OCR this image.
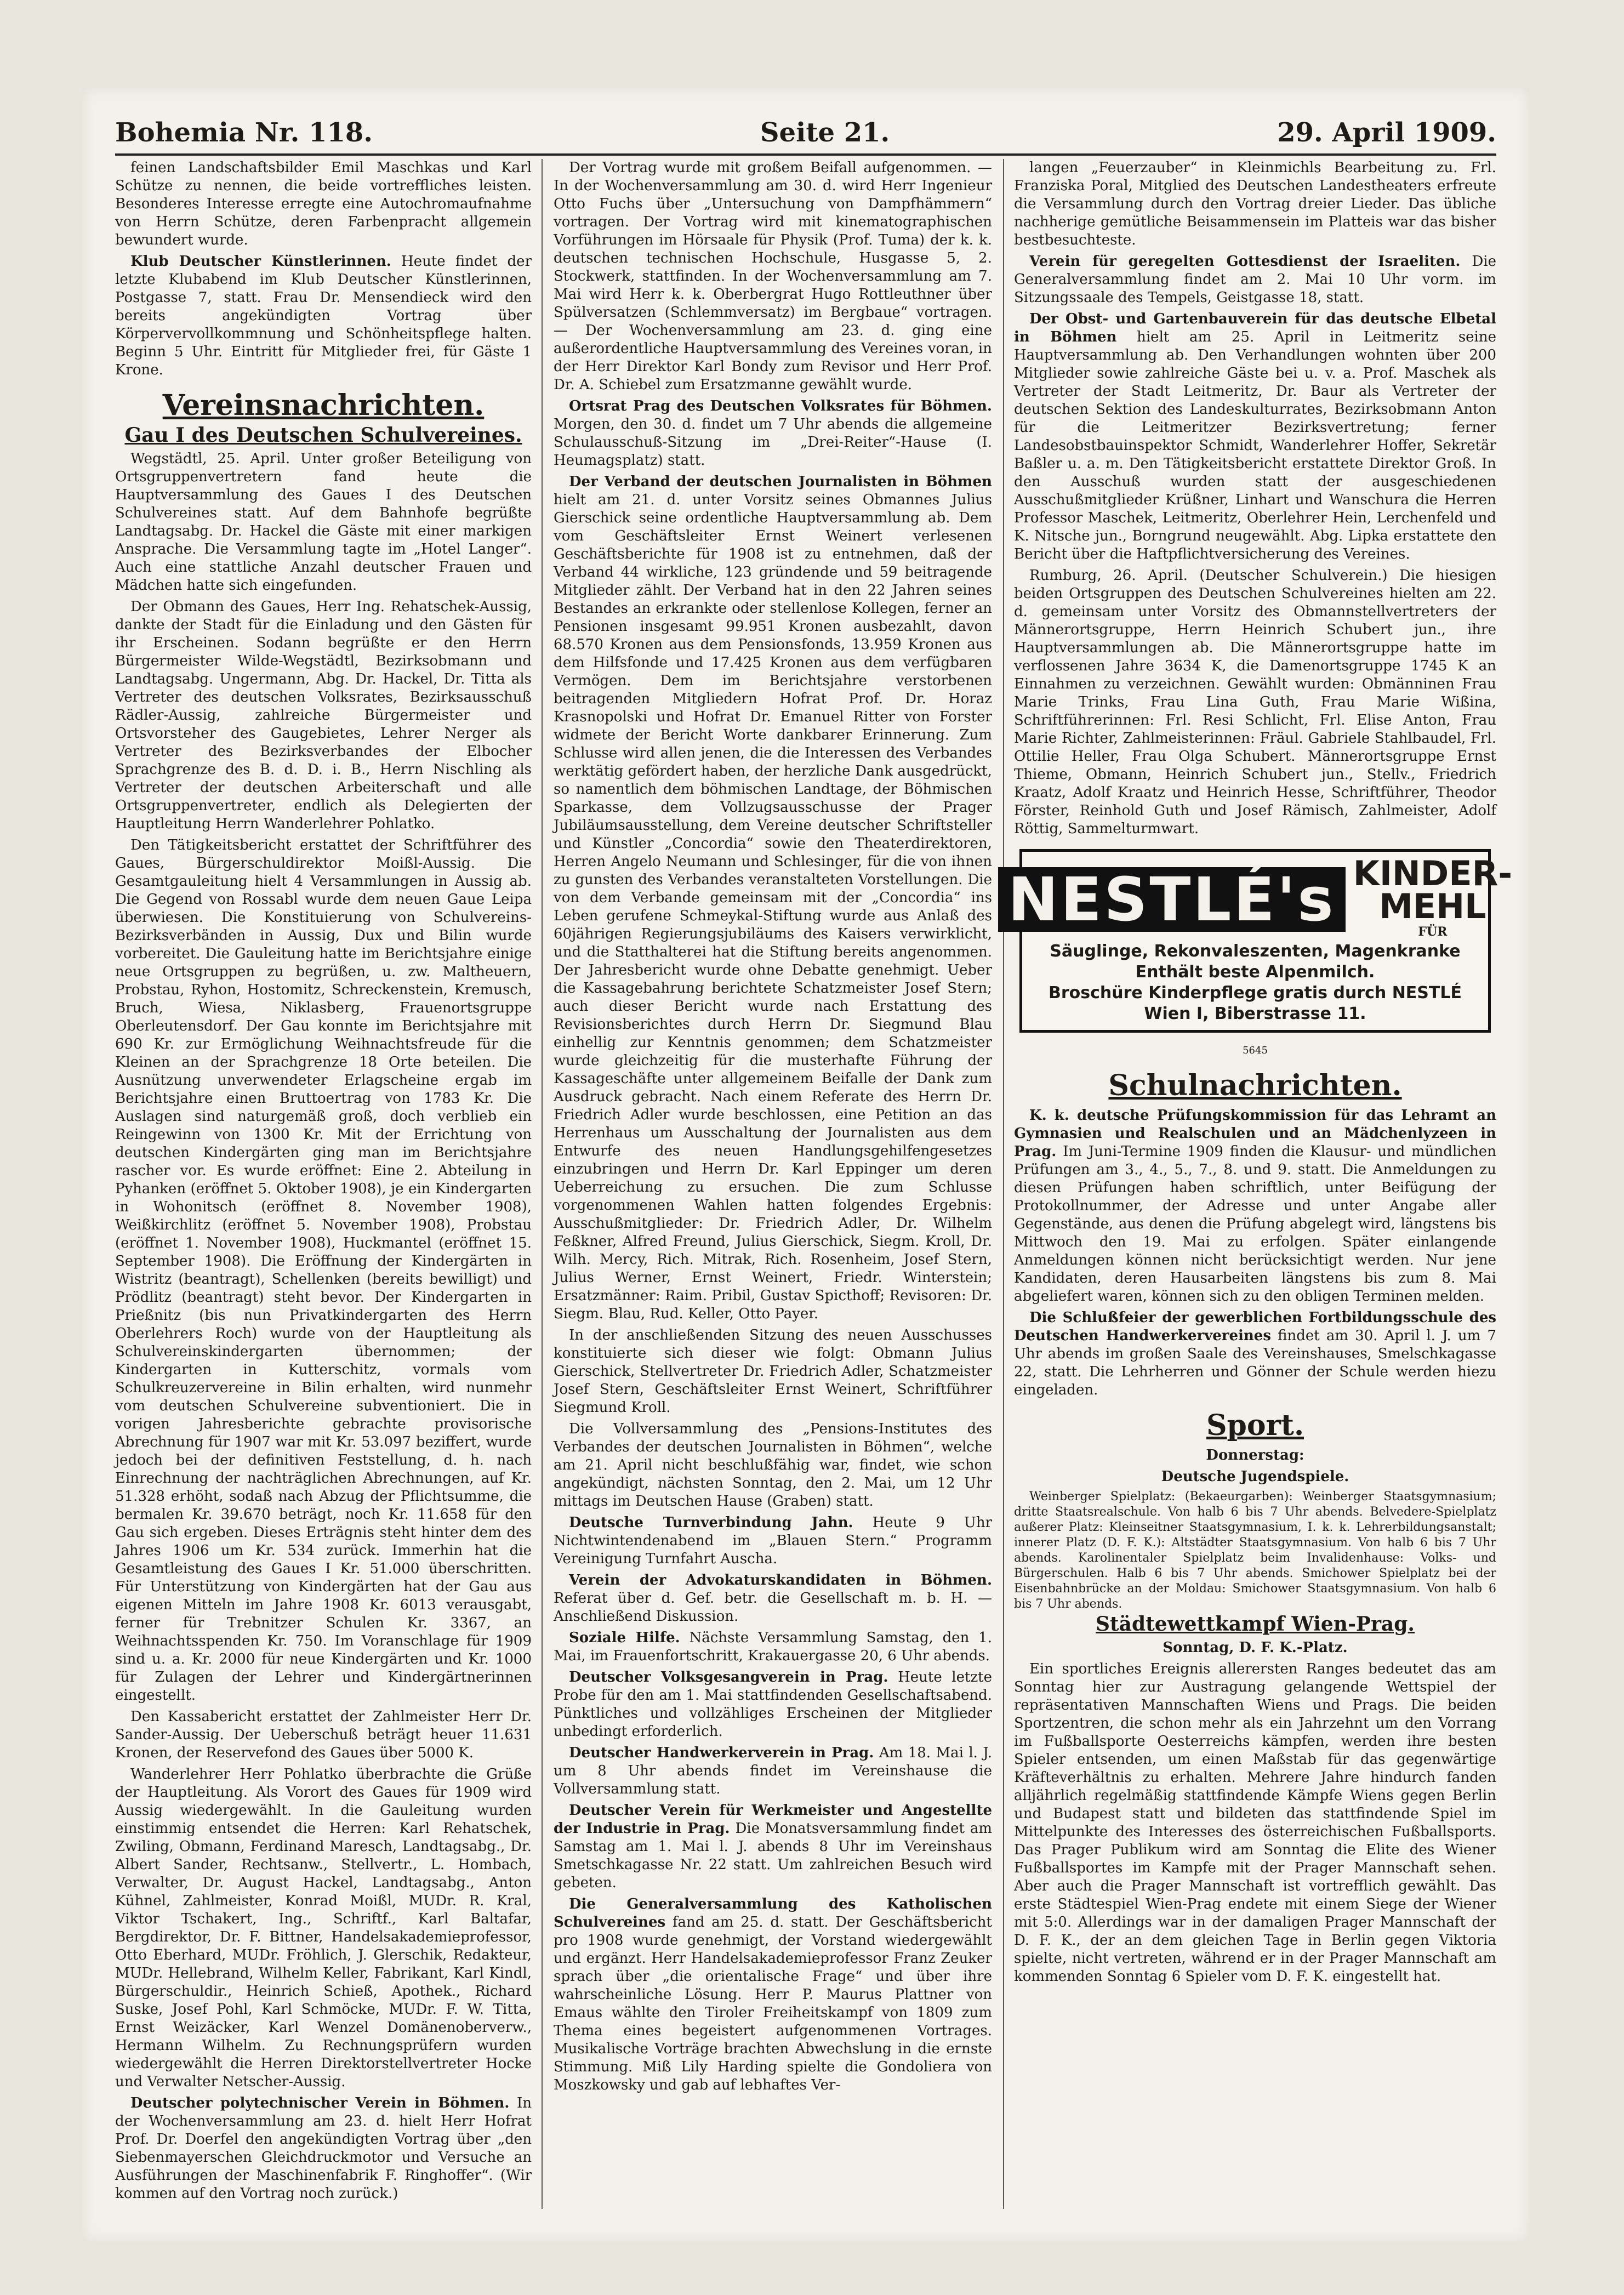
Bohemia Nr. 118.	Seite 21.	29. April 1909.

feinen Landschaftsbilder Emil Maschkas und Karl Schütze zu nennen, die beide vortreffliches leisten. Besonderes Interesse erregte eine Autochromaufnahme von Herrn Schütze, deren Farbenpracht allgemein bewundert wurde.

Klub Deutscher Künstlerinnen. Heute findet der letzte Klubabend im Klub Deutscher Künstlerinnen, Postgasse 7, statt. Frau Dr. Mensendieck wird den bereits angekündigten Vortrag über Körpervervollkommnung und Schönheitspflege halten. Beginn 5 Uhr. Eintritt für Mitglieder frei, für Gäste 1 Krone.

Vereinsnachrichten.
Gau I des Deutschen Schulvereines.

Wegstädtl, 25. April. Unter großer Beteiligung von Ortsgruppenvertretern fand heute die Hauptversammlung des Gaues I des Deutschen Schulvereines statt. Auf dem Bahnhofe begrüßte Landtagsabg. Dr. Hackel die Gäste mit einer markigen Ansprache. Die Versammlung tagte im „Hotel Langer“. Auch eine stattliche Anzahl deutscher Frauen und Mädchen hatte sich eingefunden.

Der Obmann des Gaues, Herr Ing. Rehatschek-Aussig, dankte der Stadt für die Einladung und den Gästen für ihr Erscheinen. Sodann begrüßte er den Herrn Bürgermeister Wilde-Wegstädtl, Bezirksobmann und Landtagsabg. Ungermann, Abg. Dr. Hackel, Dr. Titta als Vertreter des deutschen Volksrates, Bezirksausschuß Rädler-Aussig, zahlreiche Bürgermeister und Ortsvorsteher des Gaugebietes, Lehrer Nerger als Vertreter des Bezirksverbandes der Elbocher Sprachgrenze des B. d. D. i. B., Herrn Nischling als Vertreter der deutschen Arbeiterschaft und alle Ortsgruppenvertreter, endlich als Delegierten der Hauptleitung Herrn Wanderlehrer Pohlatko.

Den Tätigkeitsbericht erstattet der Schriftführer des Gaues, Bürgerschuldirektor Moißl-Aussig. Die Gesamtgauleitung hielt 4 Versammlungen in Aussig ab. Die Gegend von Rossabl wurde dem neuen Gaue Leipa überwiesen. Die Konstituierung von Schulvereins-Bezirksverbänden in Aussig, Dux und Bilin wurde vorbereitet. Die Gauleitung hatte im Berichtsjahre einige neue Ortsgruppen zu begrüßen, u. zw. Maltheuern, Probstau, Ryhon, Hostomitz, Schreckenstein, Kremusch, Bruch, Wiesa, Niklasberg, Frauenortsgruppe Oberleutensdorf. Der Gau konnte im Berichtsjahre mit 690 Kr. zur Ermöglichung Weihnachtsfreude für die Kleinen an der Sprachgrenze 18 Orte beteilen. Die Ausnützung unverwendeter Erlagscheine ergab im Berichtsjahre einen Bruttoertrag von 1783 Kr. Die Auslagen sind naturgemäß groß, doch verblieb ein Reingewinn von 1300 Kr. Mit der Errichtung von deutschen Kindergärten ging man im Berichtsjahre rascher vor. Es wurde eröffnet: Eine 2. Abteilung in Pyhanken (eröffnet 5. Oktober 1908), je ein Kindergarten in Wohonitsch (eröffnet 8. November 1908), Weißkirchlitz (eröffnet 5. November 1908), Probstau (eröffnet 1. November 1908), Huckmantel (eröffnet 15. September 1908). Die Eröffnung der Kindergärten in Wistritz (beantragt), Schellenken (bereits bewilligt) und Prödlitz (beantragt) steht bevor. Der Kindergarten in Prießnitz (bis nun Privatkindergarten des Herrn Oberlehrers Roch) wurde von der Hauptleitung als Schulvereinskindergarten übernommen; der Kindergarten in Kutterschitz, vormals vom Schulkreuzervereine in Bilin erhalten, wird nunmehr vom deutschen Schulvereine subventioniert. Die in vorigen Jahresberichte gebrachte provisorische Abrechnung für 1907 war mit Kr. 53.097 beziffert, wurde jedoch bei der definitiven Feststellung, d. h. nach Einrechnung der nachträglichen Abrechnungen, auf Kr. 51.328 erhöht, sodaß nach Abzug der Pflichtsumme, die bermalen Kr. 39.670 beträgt, noch Kr. 11.658 für den Gau sich ergeben. Dieses Erträgnis steht hinter dem des Jahres 1906 um Kr. 534 zurück. Immerhin hat die Gesamtleistung des Gaues I Kr. 51.000 überschritten. Für Unterstützung von Kindergärten hat der Gau aus eigenen Mitteln im Jahre 1908 Kr. 6013 verausgabt, ferner für Trebnitzer Schulen Kr. 3367, an Weihnachtsspenden Kr. 750. Im Voranschlage für 1909 sind u. a. Kr. 2000 für neue Kindergärten und Kr. 1000 für Zulagen der Lehrer und Kindergärtnerinnen eingestellt.

Den Kassabericht erstattet der Zahlmeister Herr Dr. Sander-Aussig. Der Ueberschuß beträgt heuer 11.631 Kronen, der Reservefond des Gaues über 5000 K.

Wanderlehrer Herr Pohlatko überbrachte die Grüße der Hauptleitung. Als Vorort des Gaues für 1909 wird Aussig wiedergewählt. In die Gauleitung wurden einstimmig entsendet die Herren: Karl Rehatschek, Zwiling, Obmann, Ferdinand Maresch, Landtagsabg., Dr. Albert Sander, Rechtsanw., Stellvertr., L. Hombach, Verwalter, Dr. August Hackel, Landtagsabg., Anton Kühnel, Zahlmeister, Konrad Moißl, MUDr. R. Kral, Viktor Tschakert, Ing., Schriftf., Karl Baltafar, Bergdirektor, Dr. F. Bittner, Handelsakademieprofessor, Otto Eberhard, MUDr. Fröhlich, J. Glerschik, Redakteur, MUDr. Hellebrand, Wilhelm Keller, Fabrikant, Karl Kindl, Bürgerschuldir., Heinrich Schieß, Apothek., Richard Suske, Josef Pohl, Karl Schmöcke, MUDr. F. W. Titta, Ernst Weizäcker, Karl Wenzel Domänenoberverw., Hermann Wilhelm. Zu Rechnungsprüfern wurden wiedergewählt die Herren Direktorstellvertreter Hocke und Verwalter Netscher-Aussig.

Deutscher polytechnischer Verein in Böhmen. In der Wochenversammlung am 23. d. hielt Herr Hofrat Prof. Dr. Doerfel den angekündigten Vortrag über „den Siebenmayerschen Gleichdruckmotor und Versuche an Ausführungen der Maschinenfabrik F. Ringhoffer“. (Wir kommen auf den Vortrag noch zurück.)

Der Vortrag wurde mit großem Beifall aufgenommen. — In der Wochenversammlung am 30. d. wird Herr Ingenieur Otto Fuchs über „Untersuchung von Dampfhämmern“ vortragen. Der Vortrag wird mit kinematographischen Vorführungen im Hörsaale für Physik (Prof. Tuma) der k. k. deutschen technischen Hochschule, Husgasse 5, 2. Stockwerk, stattfinden. In der Wochenversammlung am 7. Mai wird Herr k. k. Oberbergrat Hugo Rottleuthner über Spülversatzen (Schlemmversatz) im Bergbaue“ vortragen. — Der Wochenversammlung am 23. d. ging eine außerordentliche Hauptversammlung des Vereines voran, in der Herr Direktor Karl Bondy zum Revisor und Herr Prof. Dr. A. Schiebel zum Ersatzmanne gewählt wurde.

Ortsrat Prag des Deutschen Volksrates für Böhmen. Morgen, den 30. d. findet um 7 Uhr abends die allgemeine Schulausschuß-Sitzung im „Drei-Reiter“-Hause (I. Heumagsplatz) statt.

Der Verband der deutschen Journalisten in Böhmen hielt am 21. d. unter Vorsitz seines Obmannes Julius Gierschick seine ordentliche Hauptversammlung ab. Dem vom Geschäftsleiter Ernst Weinert verlesenen Geschäftsberichte für 1908 ist zu entnehmen, daß der Verband 44 wirkliche, 123 gründende und 59 beitragende Mitglieder zählt. Der Verband hat in den 22 Jahren seines Bestandes an erkrankte oder stellenlose Kollegen, ferner an Pensionen insgesamt 99.951 Kronen ausbezahlt, davon 68.570 Kronen aus dem Pensionsfonds, 13.959 Kronen aus dem Hilfsfonde und 17.425 Kronen aus dem verfügbaren Vermögen. Dem im Berichtsjahre verstorbenen beitragenden Mitgliedern Hofrat Prof. Dr. Horaz Krasnopolski und Hofrat Dr. Emanuel Ritter von Forster widmete der Bericht Worte dankbarer Erinnerung. Zum Schlusse wird allen jenen, die die Interessen des Verbandes werktätig gefördert haben, der herzliche Dank ausgedrückt, so namentlich dem böhmischen Landtage, der Böhmischen Sparkasse, dem Vollzugsausschusse der Prager Jubiläumsausstellung, dem Vereine deutscher Schriftsteller und Künstler „Concordia“ sowie den Theaterdirektoren, Herren Angelo Neumann und Schlesinger, für die von ihnen zu gunsten des Verbandes veranstalteten Vorstellungen. Die von dem Verbande gemeinsam mit der „Concordia“ ins Leben gerufene Schmeykal-Stiftung wurde aus Anlaß des 60jährigen Regierungsjubiläums des Kaisers verwirklicht, und die Statthalterei hat die Stiftung bereits angenommen. Der Jahresbericht wurde ohne Debatte genehmigt. Ueber die Kassagebahrung berichtete Schatzmeister Josef Stern; auch dieser Bericht wurde nach Erstattung des Revisionsberichtes durch Herrn Dr. Siegmund Blau einhellig zur Kenntnis genommen; dem Schatzmeister wurde gleichzeitig für die musterhafte Führung der Kassageschäfte unter allgemeinem Beifalle der Dank zum Ausdruck gebracht. Nach einem Referate des Herrn Dr. Friedrich Adler wurde beschlossen, eine Petition an das Herrenhaus um Ausschaltung der Journalisten aus dem Entwurfe des neuen Handlungsgehilfengesetzes einzubringen und Herrn Dr. Karl Eppinger um deren Ueberreichung zu ersuchen. Die zum Schlusse vorgenommenen Wahlen hatten folgendes Ergebnis: Ausschußmitglieder: Dr. Friedrich Adler, Dr. Wilhelm Feßkner, Alfred Freund, Julius Gierschick, Siegm. Kroll, Dr. Wilh. Mercy, Rich. Mitrak, Rich. Rosenheim, Josef Stern, Julius Werner, Ernst Weinert, Friedr. Winterstein; Ersatzmänner: Raim. Pribil, Gustav Spicthoff; Revisoren: Dr. Siegm. Blau, Rud. Keller, Otto Payer.

In der anschließenden Sitzung des neuen Ausschusses konstituierte sich dieser wie folgt: Obmann Julius Gierschick, Stellvertreter Dr. Friedrich Adler, Schatzmeister Josef Stern, Geschäftsleiter Ernst Weinert, Schriftführer Siegmund Kroll.

Die Vollversammlung des „Pensions-Institutes des Verbandes der deutschen Journalisten in Böhmen“, welche am 21. April nicht beschlußfähig war, findet, wie schon angekündigt, nächsten Sonntag, den 2. Mai, um 12 Uhr mittags im Deutschen Hause (Graben) statt.

Deutsche Turnverbindung Jahn. Heute 9 Uhr Nichtwintendenabend im „Blauen Stern.“ Programm Vereinigung Turnfahrt Auscha.

Verein der Advokaturskandidaten in Böhmen. Referat über d. Gef. betr. die Gesellschaft m. b. H. — Anschließend Diskussion.

Soziale Hilfe. Nächste Versammlung Samstag, den 1. Mai, im Frauenfortschritt, Krakauergasse 20, 6 Uhr abends.

Deutscher Volksgesangverein in Prag. Heute letzte Probe für den am 1. Mai stattfindenden Gesellschaftsabend. Pünktliches und vollzähliges Erscheinen der Mitglieder unbedingt erforderlich.

Deutscher Handwerkerverein in Prag. Am 18. Mai l. J. um 8 Uhr abends findet im Vereinshause die Vollversammlung statt.

Deutscher Verein für Werkmeister und Angestellte der Industrie in Prag. Die Monatsversammlung findet am Samstag am 1. Mai l. J. abends 8 Uhr im Vereinshaus Smetschkagasse Nr. 22 statt. Um zahlreichen Besuch wird gebeten.

Die Generalversammlung des Katholischen Schulvereines fand am 25. d. statt. Der Geschäftsbericht pro 1908 wurde genehmigt, der Vorstand wiedergewählt und ergänzt. Herr Handelsakademieprofessor Franz Zeuker sprach über „die orientalische Frage“ und über ihre wahrscheinliche Lösung. Herr P. Maurus Plattner von Emaus wählte den Tiroler Freiheitskampf von 1809 zum Thema eines begeistert aufgenommenen Vortrages. Musikalische Vorträge brachten Abwechslung in die ernste Stimmung. Miß Lily Harding spielte die Gondoliera von Moszkowsky und gab auf lebhaftes Ver-

langen „Feuerzauber“ in Kleinmichls Bearbeitung zu. Frl. Franziska Poral, Mitglied des Deutschen Landestheaters erfreute die Versammlung durch den Vortrag dreier Lieder. Das übliche nachherige gemütliche Beisammensein im Platteis war das bisher bestbesuchteste.

Verein für geregelten Gottesdienst der Israeliten. Die Generalversammlung findet am 2. Mai 10 Uhr vorm. im Sitzungssaale des Tempels, Geistgasse 18, statt.

Der Obst- und Gartenbauverein für das deutsche Elbetal in Böhmen hielt am 25. April in Leitmeritz seine Hauptversammlung ab. Den Verhandlungen wohnten über 200 Mitglieder sowie zahlreiche Gäste bei u. v. a. Prof. Maschek als Vertreter der Stadt Leitmeritz, Dr. Baur als Vertreter der deutschen Sektion des Landeskulturrates, Bezirksobmann Anton für die Leitmeritzer Bezirksvertretung; ferner Landesobstbauinspektor Schmidt, Wanderlehrer Hoffer, Sekretär Baßler u. a. m. Den Tätigkeitsbericht erstattete Direktor Groß. In den Ausschuß wurden statt der ausgeschiedenen Ausschußmitglieder Krüßner, Linhart und Wanschura die Herren Professor Maschek, Leitmeritz, Oberlehrer Hein, Lerchenfeld und K. Nitsche jun., Borngrund neugewählt. Abg. Lipka erstattete den Bericht über die Haftpflichtversicherung des Vereines.

Rumburg, 26. April. (Deutscher Schulverein.) Die hiesigen beiden Ortsgruppen des Deutschen Schulvereines hielten am 22. d. gemeinsam unter Vorsitz des Obmannstellvertreters der Männerortsgruppe, Herrn Heinrich Schubert jun., ihre Hauptversammlungen ab. Die Männerortsgruppe hatte im verflossenen Jahre 3634 K, die Damenortsgruppe 1745 K an Einnahmen zu verzeichnen. Gewählt wurden: Obmänninen Frau Marie Trinks, Frau Lina Guth, Frau Marie Wißina, Schriftführerinnen: Frl. Resi Schlicht, Frl. Elise Anton, Frau Marie Richter, Zahlmeisterinnen: Fräul. Gabriele Stahlbaudel, Frl. Ottilie Heller, Frau Olga Schubert. Männerortsgruppe Ernst Thieme, Obmann, Heinrich Schubert jun., Stellv., Friedrich Kraatz, Adolf Kraatz und Heinrich Hesse, Schriftführer, Theodor Förster, Reinhold Guth und Josef Rämisch, Zahlmeister, Adolf Röttig, Sammelturmwart.

NESTLÉ's KINDER-
MEHL
FÜR
Säuglinge, Rekonvaleszenten, Magenkranke
Enthält beste Alpenmilch.
Broschüre Kinderpflege gratis durch NESTLÉ
Wien I, Biberstrasse 11.
5645
Schulnachrichten.

K. k. deutsche Prüfungskommission für das Lehramt an Gymnasien und Realschulen und an Mädchenlyzeen in Prag. Im Juni-Termine 1909 finden die Klausur- und mündlichen Prüfungen am 3., 4., 5., 7., 8. und 9. statt. Die Anmeldungen zu diesen Prüfungen haben schriftlich, unter Beifügung der Protokollnummer, der Adresse und unter Angabe aller Gegenstände, aus denen die Prüfung abgelegt wird, längstens bis Mittwoch den 19. Mai zu erfolgen. Später einlangende Anmeldungen können nicht berücksichtigt werden. Nur jene Kandidaten, deren Hausarbeiten längstens bis zum 8. Mai abgeliefert waren, können sich zu den obligen Terminen melden.

Die Schlußfeier der gewerblichen Fortbildungsschule des Deutschen Handwerkervereines findet am 30. April l. J. um 7 Uhr abends im großen Saale des Vereinshauses, Smelschkagasse 22, statt. Die Lehrherren und Gönner der Schule werden hiezu eingeladen.

Sport.

Donnerstag:

Deutsche Jugendspiele.

Weinberger Spielplatz: (Bekaeurgarben): Weinberger Staatsgymnasium; dritte Staatsrealschule. Von halb 6 bis 7 Uhr abends. Belvedere-Spielplatz außerer Platz: Kleinseitner Staatsgymnasium, I. k. k. Lehrerbildungsanstalt; innerer Platz (D. F. K.): Altstädter Staatsgymnasium. Von halb 6 bis 7 Uhr abends. Karolinentaler Spielplatz beim Invalidenhause: Volks- und Bürgerschulen. Halb 6 bis 7 Uhr abends. Smichower Spielplatz bei der Eisenbahnbrücke an der Moldau: Smichower Staatsgymnasium. Von halb 6 bis 7 Uhr abends.

Städtewettkampf Wien-Prag.

Sonntag, D. F. K.-Platz.

Ein sportliches Ereignis allerersten Ranges bedeutet das am Sonntag hier zur Austragung gelangende Wettspiel der repräsentativen Mannschaften Wiens und Prags. Die beiden Sportzentren, die schon mehr als ein Jahrzehnt um den Vorrang im Fußballsporte Oesterreichs kämpfen, werden ihre besten Spieler entsenden, um einen Maßstab für das gegenwärtige Kräfteverhältnis zu erhalten. Mehrere Jahre hindurch fanden alljährlich regelmäßig stattfindende Kämpfe Wiens gegen Berlin und Budapest statt und bildeten das stattfindende Spiel im Mittelpunkte des Interesses des österreichischen Fußballsports. Das Prager Publikum wird am Sonntag die Elite des Wiener Fußballsportes im Kampfe mit der Prager Mannschaft sehen. Aber auch die Prager Mannschaft ist vortrefflich gewählt. Das erste Städtespiel Wien-Prag endete mit einem Siege der Wiener mit 5:0. Allerdings war in der damaligen Prager Mannschaft der D. F. K., der an dem gleichen Tage in Berlin gegen Viktoria spielte, nicht vertreten, während er in der Prager Mannschaft am kommenden Sonntag 6 Spieler vom D. F. K. eingestellt hat.
